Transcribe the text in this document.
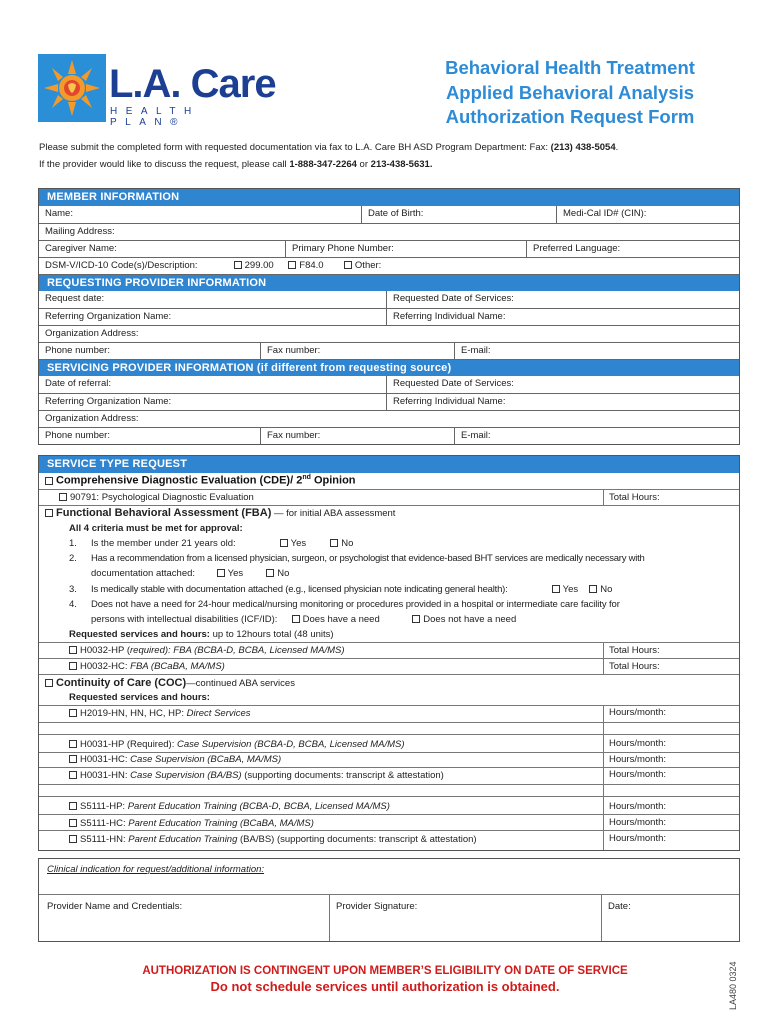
L.A. Care
HEALTH PLAN®
Behavioral Health Treatment
Applied Behavioral Analysis
Authorization Request Form
Please submit the completed form with requested documentation via fax to L.A. Care BH ASD Program Department: Fax: (213) 438-5054.
If the provider would like to discuss the request, please call 1-888-347-2264 or 213-438-5631.
MEMBER INFORMATION
Name:	Date of Birth:	Medi-Cal ID# (CIN):
Mailing Address:
Caregiver Name:	Primary Phone Number:	Preferred Language:
DSM-V/ICD-10 Code(s)/Description:	299.00	F84.0	Other:
REQUESTING PROVIDER INFORMATION
Request date:	Requested Date of Services:
Referring Organization Name:	Referring Individual Name:
Organization Address:
Phone number:	Fax number:	E-mail:
SERVICING PROVIDER INFORMATION (if different from requesting source)
Date of referral:	Requested Date of Services:
Referring Organization Name:	Referring Individual Name:
Organization Address:
Phone number:	Fax number:	E-mail:
SERVICE TYPE REQUEST
Comprehensive Diagnostic Evaluation (CDE)/ 2nd Opinion
90791: Psychological Diagnostic Evaluation	Total Hours:
Functional Behavioral Assessment (FBA) — for initial ABA assessment
All 4 criteria must be met for approval:
1. Is the member under 21 years old:	Yes	No
2. Has a recommendation from a licensed physician, surgeon, or psychologist that evidence-based BHT services are medically necessary with
documentation attached:	Yes	No
3. Is medically stable with documentation attached (e.g., licensed physician note indicating general health):	Yes No
4. Does not have a need for 24-hour medical/nursing monitoring or procedures provided in a hospital or intermediate care facility for
persons with intellectual disabilities (ICF/ID):	Does have a need	Does not have a need
Requested services and hours: up to 12hours total (48 units)
H0032-HP (required): FBA (BCBA-D, BCBA, Licensed MA/MS)	Total Hours:
H0032-HC: FBA (BCaBA, MA/MS)	Total Hours:
Continuity of Care (COC)—continued ABA services
Requested services and hours:
H2019-HN, HN, HC, HP: Direct Services	Hours/month:
H0031-HP (Required): Case Supervision (BCBA-D, BCBA, Licensed MA/MS)	Hours/month:
H0031-HC: Case Supervision (BCaBA, MA/MS)	Hours/month:
H0031-HN: Case Supervision (BA/BS) (supporting documents: transcript & attestation)	Hours/month:
S5111-HP: Parent Education Training (BCBA-D, BCBA, Licensed MA/MS)	Hours/month:
S5111-HC: Parent Education Training (BCaBA, MA/MS)	Hours/month:
S5111-HN: Parent Education Training (BA/BS) (supporting documents: transcript & attestation)	Hours/month:
Clinical indication for request/additional information:
Provider Name and Credentials:	Provider Signature:	Date:
AUTHORIZATION IS CONTINGENT UPON MEMBER’S ELIGIBILITY ON DATE OF SERVICE
Do not schedule services until authorization is obtained.	LA480 0324
